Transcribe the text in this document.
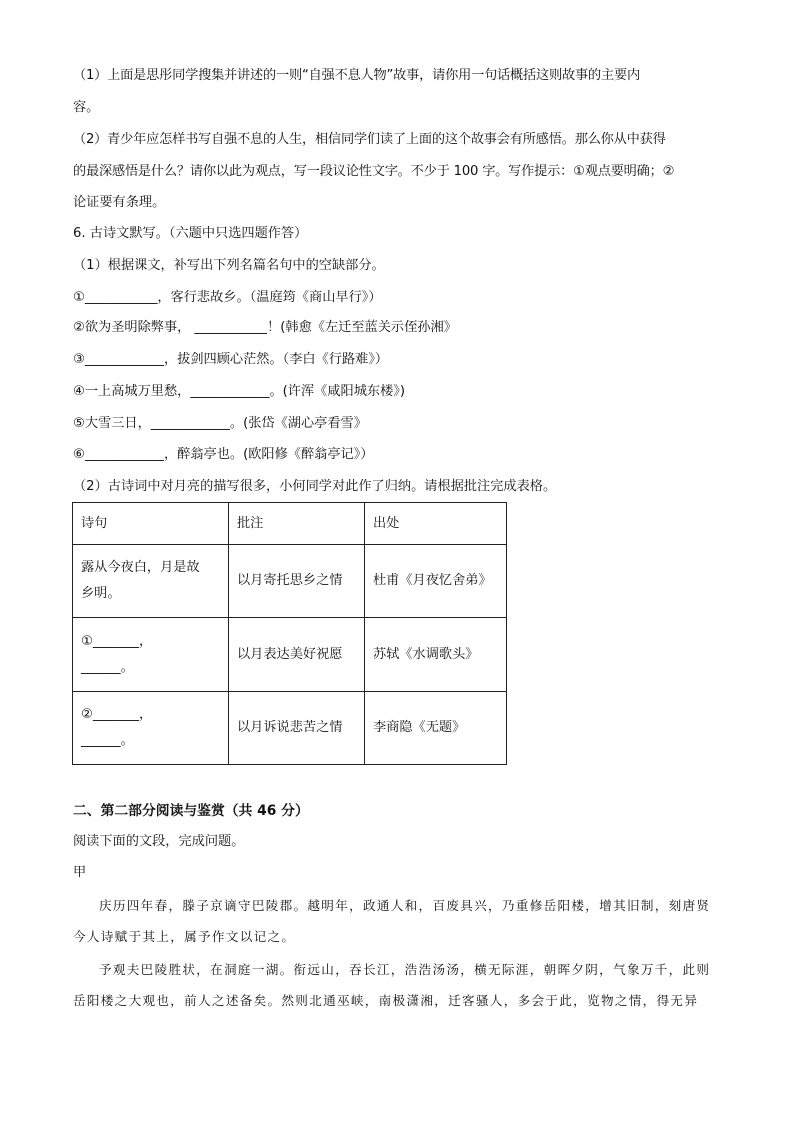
（1）上面是思彤同学搜集并讲述的一则“自强不息人物”故事，请你用一句话概括这则故事的主要内
容。
（2）青少年应怎样书写自强不息的人生，相信同学们读了上面的这个故事会有所感悟。那么你从中获得
的最深感悟是什么？请你以此为观点，写一段议论性文字。不少于 100 字。写作提示：①观点要明确；②
论证要有条理。
6. 古诗文默写。（六题中只选四题作答）
（1）根据课文，补写出下列名篇名句中的空缺部分。
①___________，客行悲故乡。（温庭筠《商山早行》）
②欲为圣明除弊事， ___________！(韩愈《左迁至蓝关示侄孙湘》
③____________，拔剑四顾心茫然。（李白《行路难》）
④一上高城万里愁，____________。(许浑《咸阳城东楼》)
⑤大雪三日，____________。(张岱《湖心亭看雪》
⑥____________，醉翁亭也。(欧阳修《醉翁亭记》）
（2）古诗词中对月亮的描写很多，小何同学对此作了归纳。请根据批注完成表格。
诗句	批注	出处

露从今夜白，月是故
乡明。	以月寄托思乡之情	杜甫《月夜忆舍弟》

①_______，
______。	以月表达美好祝愿	苏轼《水调歌头》

②_______，
______。	以月诉说悲苦之情	李商隐《无题》
二、第二部分阅读与鉴赏（共 46 分）
阅读下面的文段，完成问题。
甲
庆历四年春，滕子京谪守巴陵郡。越明年，政通人和，百废具兴，乃重修岳阳楼，增其旧制，刻唐贤
今人诗赋于其上，属予作文以记之。
予观夫巴陵胜状，在洞庭一湖。衔远山，吞长江，浩浩汤汤，横无际涯，朝晖夕阴，气象万千，此则
岳阳楼之大观也，前人之述备矣。然则北通巫峡，南极潇湘，迁客骚人，多会于此，览物之情，得无异
